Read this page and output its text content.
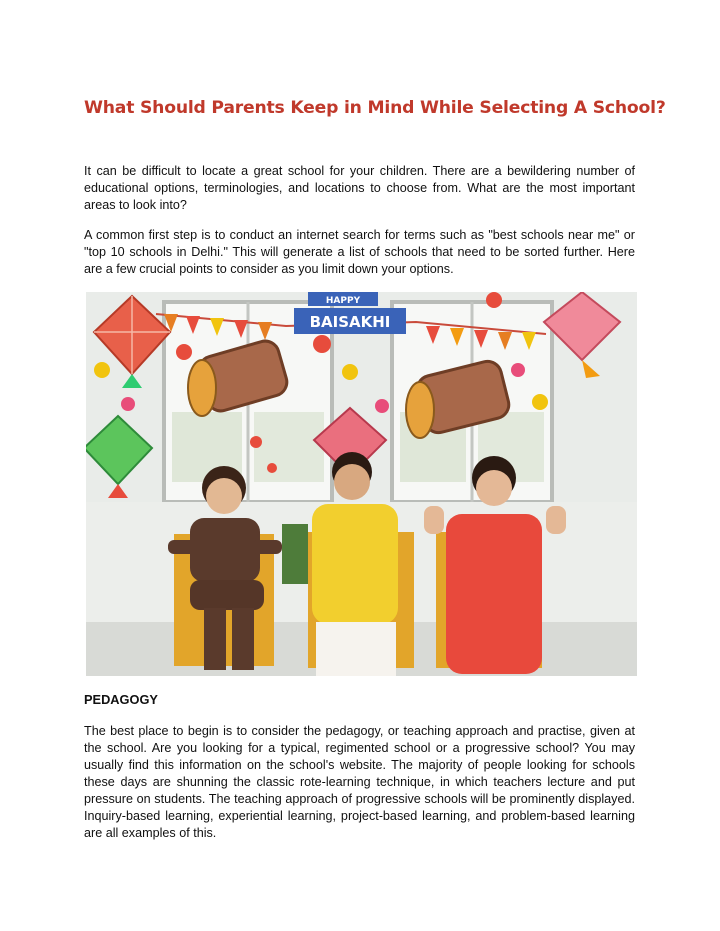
What Should Parents Keep in Mind While Selecting A School?

It can be difficult to locate a great school for your children. There are a bewildering number of educational options, terminologies, and locations to choose from. What are the most important areas to look into?

A common first step is to conduct an internet search for terms such as "best schools near me" or "top 10 schools in Delhi." This will generate a list of schools that need to be sorted further. Here are a few crucial points to consider as you limit down your options.

HAPPY
BAISAKHI
PEDAGOGY

The best place to begin is to consider the pedagogy, or teaching approach and practise, given at the school. Are you looking for a typical, regimented school or a progressive school? You may usually find this information on the school's website. The majority of people looking for schools these days are shunning the classic rote-learning technique, in which teachers lecture and put pressure on students. The teaching approach of progressive schools will be prominently displayed. Inquiry-based learning, experiential learning, project-based learning, and problem-based learning are all examples of this.
